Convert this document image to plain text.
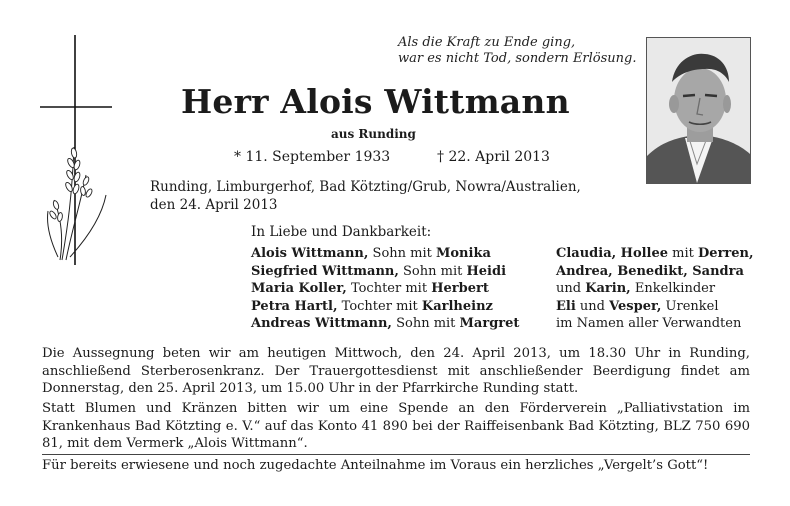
Als die Kraft zu Ende ging,
war es nicht Tod, sondern Erlösung.
Herr Alois Wittmann
aus Runding
* 11. September 1933	† 22. April 2013
Runding, Limburgerhof, Bad Kötzting/Grub, Nowra/Australien,
den 24. April 2013
In Liebe und Dankbarkeit:
Alois Wittmann, Sohn mit Monika
Siegfried Wittmann, Sohn mit Heidi
Maria Koller, Tochter mit Herbert
Petra Hartl, Tochter mit Karlheinz
Andreas Wittmann, Sohn mit Margret
Claudia, Hollee mit Derren,
Andrea, Benedikt, Sandra
und Karin, Enkelkinder
Eli und Vesper, Urenkel
im Namen aller Verwandten
Die Aussegnung beten wir am heutigen Mittwoch, den 24. April 2013, um 18.30 Uhr in Runding, anschließend Sterberosenkranz. Der Trauergottesdienst mit anschließender Beerdigung findet am Donnerstag, den 25. April 2013, um 15.00 Uhr in der Pfarrkirche Runding statt.
Statt Blumen und Kränzen bitten wir um eine Spende an den Förderverein „Palliativstation im Krankenhaus Bad Kötzting e. V.“ auf das Konto 41 890 bei der Raiffeisenbank Bad Kötzting, BLZ 750 690 81, mit dem Vermerk „Alois Wittmann“.
Für bereits erwiesene und noch zugedachte Anteilnahme im Voraus ein herzliches „Vergelt’s Gott“!
